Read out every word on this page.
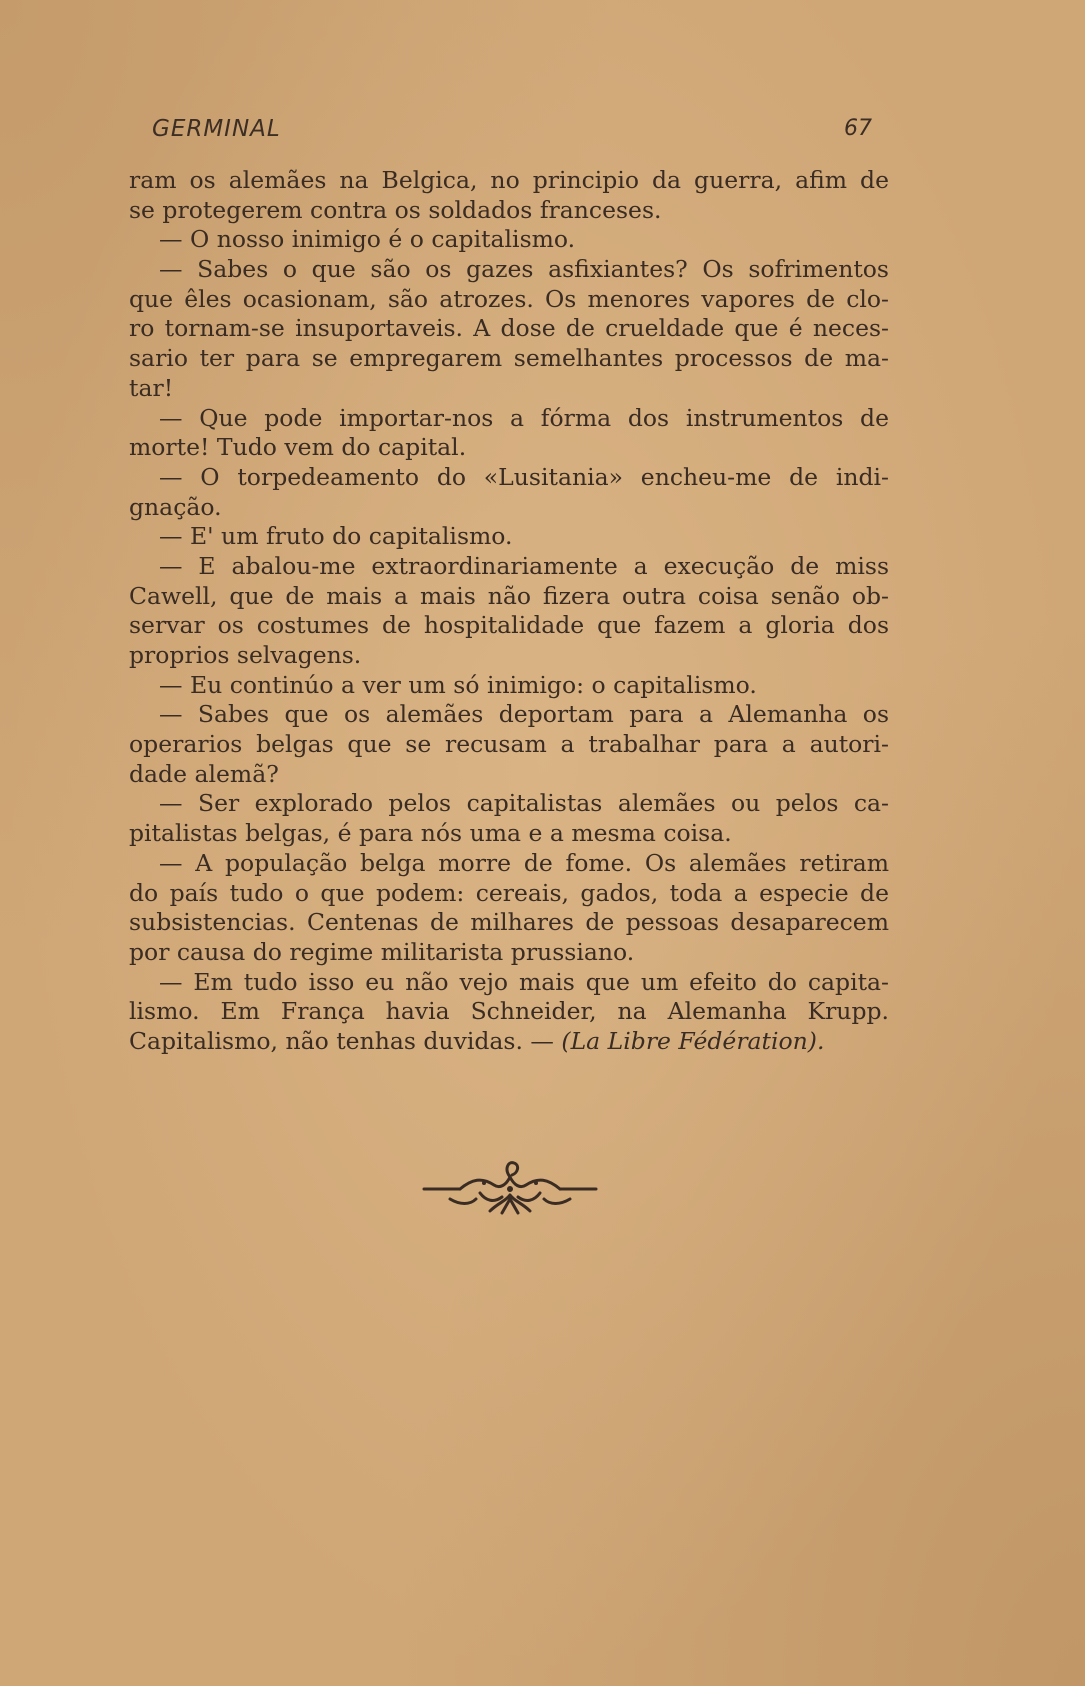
GERMINAL	67
ram os alemães na Belgica, no principio da guerra, afim de
se protegerem contra os soldados franceses.
— O nosso inimigo é o capitalismo.
— Sabes o que são os gazes asfixiantes? Os sofrimentos
que êles ocasionam, são atrozes. Os menores vapores de clo-
ro tornam-se insuportaveis. A dose de crueldade que é neces-
sario ter para se empregarem semelhantes processos de ma-
tar!
— Que pode importar-nos a fórma dos instrumentos de
morte! Tudo vem do capital.
— O torpedeamento do «Lusitania» encheu-me de indi-
gnação.
— E' um fruto do capitalismo.
— E abalou-me extraordinariamente a execução de miss
Cawell, que de mais a mais não fizera outra coisa senão ob-
servar os costumes de hospitalidade que fazem a gloria dos
proprios selvagens.
— Eu continúo a ver um só inimigo: o capitalismo.
— Sabes que os alemães deportam para a Alemanha os
operarios belgas que se recusam a trabalhar para a autori-
dade alemã?
— Ser explorado pelos capitalistas alemães ou pelos ca-
pitalistas belgas, é para nós uma e a mesma coisa.
— A população belga morre de fome. Os alemães retiram
do país tudo o que podem: cereais, gados, toda a especie de
subsistencias. Centenas de milhares de pessoas desaparecem
por causa do regime militarista prussiano.
— Em tudo isso eu não vejo mais que um efeito do capita-
lismo. Em França havia Schneider, na Alemanha Krupp.
Capitalismo, não tenhas duvidas. — (La Libre Fédération).
